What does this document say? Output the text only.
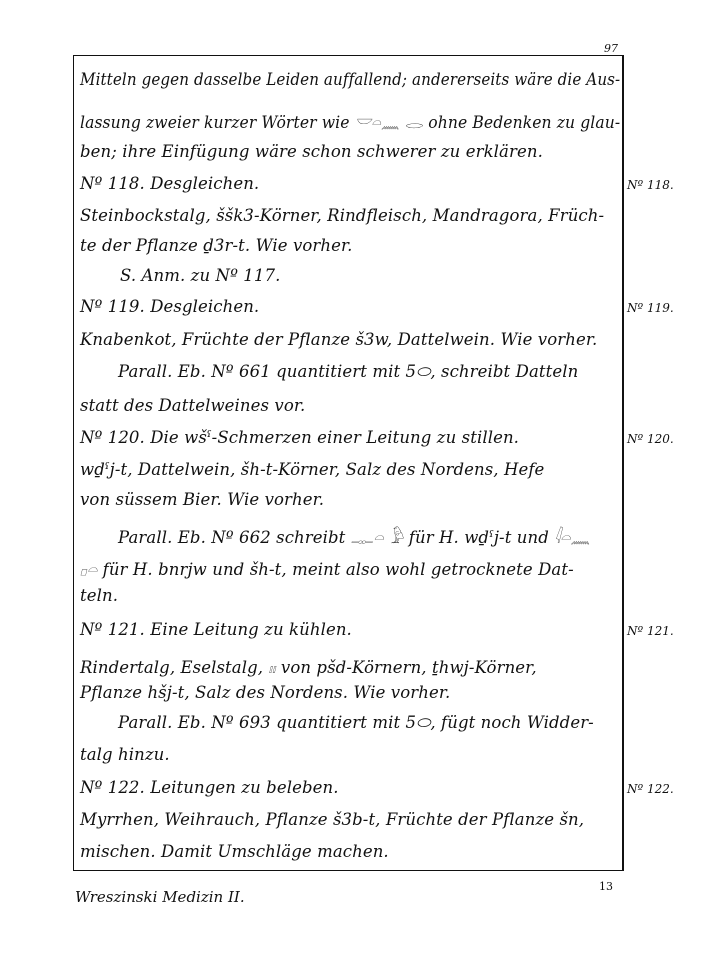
97
Mitteln gegen dasselbe Leiden auffallend; andererseits wäre die Aus-
lassung zweier kurzer Wörter wie 𓎟𓏏𓈖 𓂋 ohne Bedenken zu glau-
ben; ihre Einfügung wäre schon schwerer zu erklären.
Nº 118. Desgleichen.
Steinbockstalg, ššk3-Körner, Rindfleisch, Mandragora, Früch-
te der Pflanze ḏ3r-t. Wie vorher.
S. Anm. zu Nº 117.
Nº 119. Desgleichen.
Knabenkot, Früchte der Pflanze š3w, Dattelwein. Wie vorher.
Parall. Eb. Nº 661 quantitiert mit 5⬭, schreibt Datteln
statt des Dattelweines vor.
Nº 120. Die wšˁ-Schmerzen einer Leitung zu stillen.
wḏˁj-t, Dattelwein, šh-t-Körner, Salz des Nordens, Hefe
von süssem Bier. Wie vorher.
Parall. Eb. Nº 662 schreibt 𓊃𓏏 𓅱 für H. wḏˁj-t und 𓇋𓏏𓈖
𓊪𓏏 für H. bnrjw und šh-t, meint also wohl getrocknete Dat-
teln.
Nº 121. Eine Leitung zu kühlen.
Rindertalg, Eselstalg, 𓏤𓏤 von pšd-Körnern, ṯhwj-Körner,
Pflanze hšj-t, Salz des Nordens. Wie vorher.
Parall. Eb. Nº 693 quantitiert mit 5⬭, fügt noch Widder-
talg hinzu.
Nº 122. Leitungen zu beleben.
Myrrhen, Weihrauch, Pflanze š3b-t, Früchte der Pflanze šn,
mischen. Damit Umschläge machen.
Nº 118.
Nº 119.
Nº 120.
Nº 121.
Nº 122.
Wreszinski Medizin II.
13
